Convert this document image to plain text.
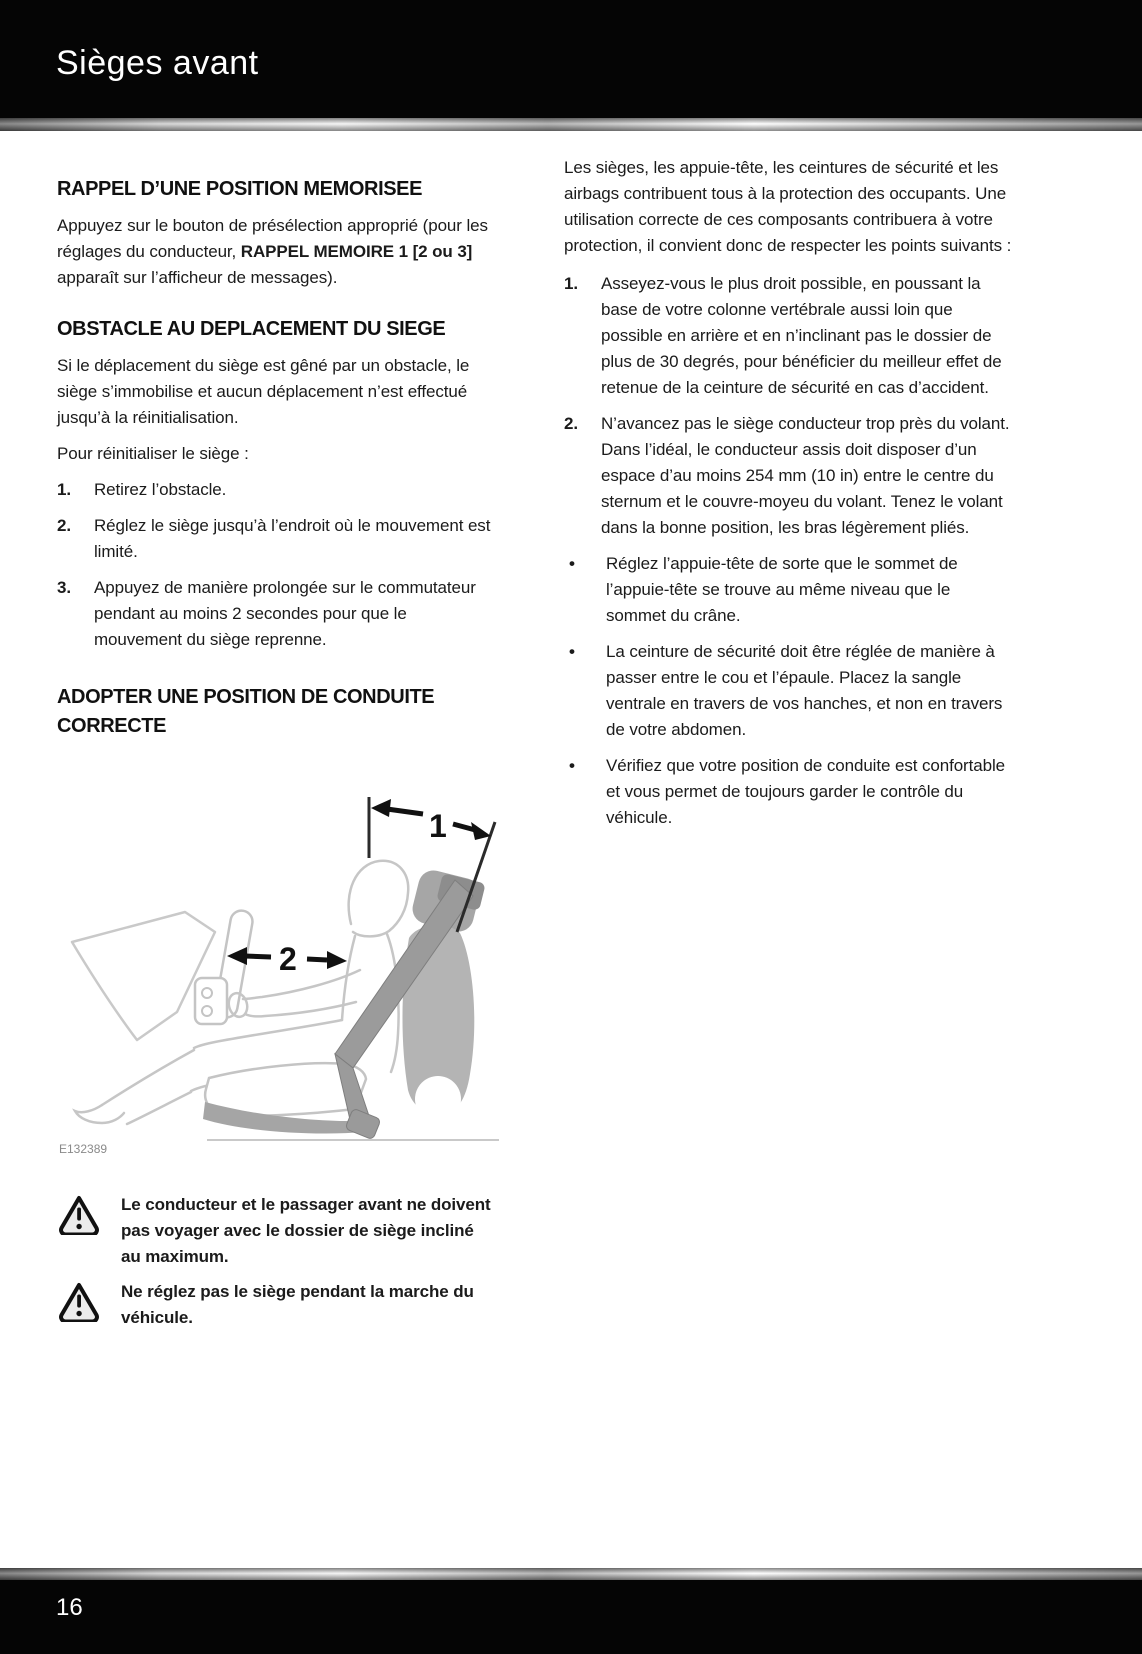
Sièges avant
RAPPEL D’UNE POSITION MEMORISEE

Appuyez sur le bouton de présélection approprié (pour les réglages du conducteur, RAPPEL MEMOIRE 1 [2 ou 3] apparaît sur l’afficheur de messages).

OBSTACLE AU DEPLACEMENT DU SIEGE

Si le déplacement du siège est gêné par un obstacle, le siège s’immobilise et aucun déplacement n’est effectué jusqu’à la réinitialisation.

Pour réinitialiser le siège :

1.	Retirez l’obstacle.
2.	Réglez le siège jusqu’à l’endroit où le mouvement est limité.
3.	Appuyez de manière prolongée sur le commutateur pendant au moins 2 secondes pour que le mouvement du siège reprenne.
ADOPTER UNE POSITION DE CONDUITE CORRECTE
1
2
E132389
Le conducteur et le passager avant ne doivent pas voyager avec le dossier de siège incliné au maximum.
Ne réglez pas le siège pendant la marche du véhicule.

Les sièges, les appuie-tête, les ceintures de sécurité et les airbags contribuent tous à la protection des occupants. Une utilisation correcte de ces composants contribuera à votre protection, il convient donc de respecter les points suivants :

1.	Asseyez-vous le plus droit possible, en poussant la base de votre colonne vertébrale aussi loin que possible en arrière et en n’inclinant pas le dossier de plus de 30 degrés, pour bénéficier du meilleur effet de retenue de la ceinture de sécurité en cas d’accident.
2.	N’avancez pas le siège conducteur trop près du volant. Dans l’idéal, le conducteur assis doit disposer d’un espace d’au moins 254 mm (10 in) entre le centre du sternum et le couvre-moyeu du volant. Tenez le volant dans la bonne position, les bras légèrement pliés.
•	Réglez l’appuie-tête de sorte que le sommet de l’appuie-tête se trouve au même niveau que le sommet du crâne.
•	La ceinture de sécurité doit être réglée de manière à passer entre le cou et l’épaule. Placez la sangle ventrale en travers de vos hanches, et non en travers de votre abdomen.
•	Vérifiez que votre position de conduite est confortable et vous permet de toujours garder le contrôle du véhicule.
16
